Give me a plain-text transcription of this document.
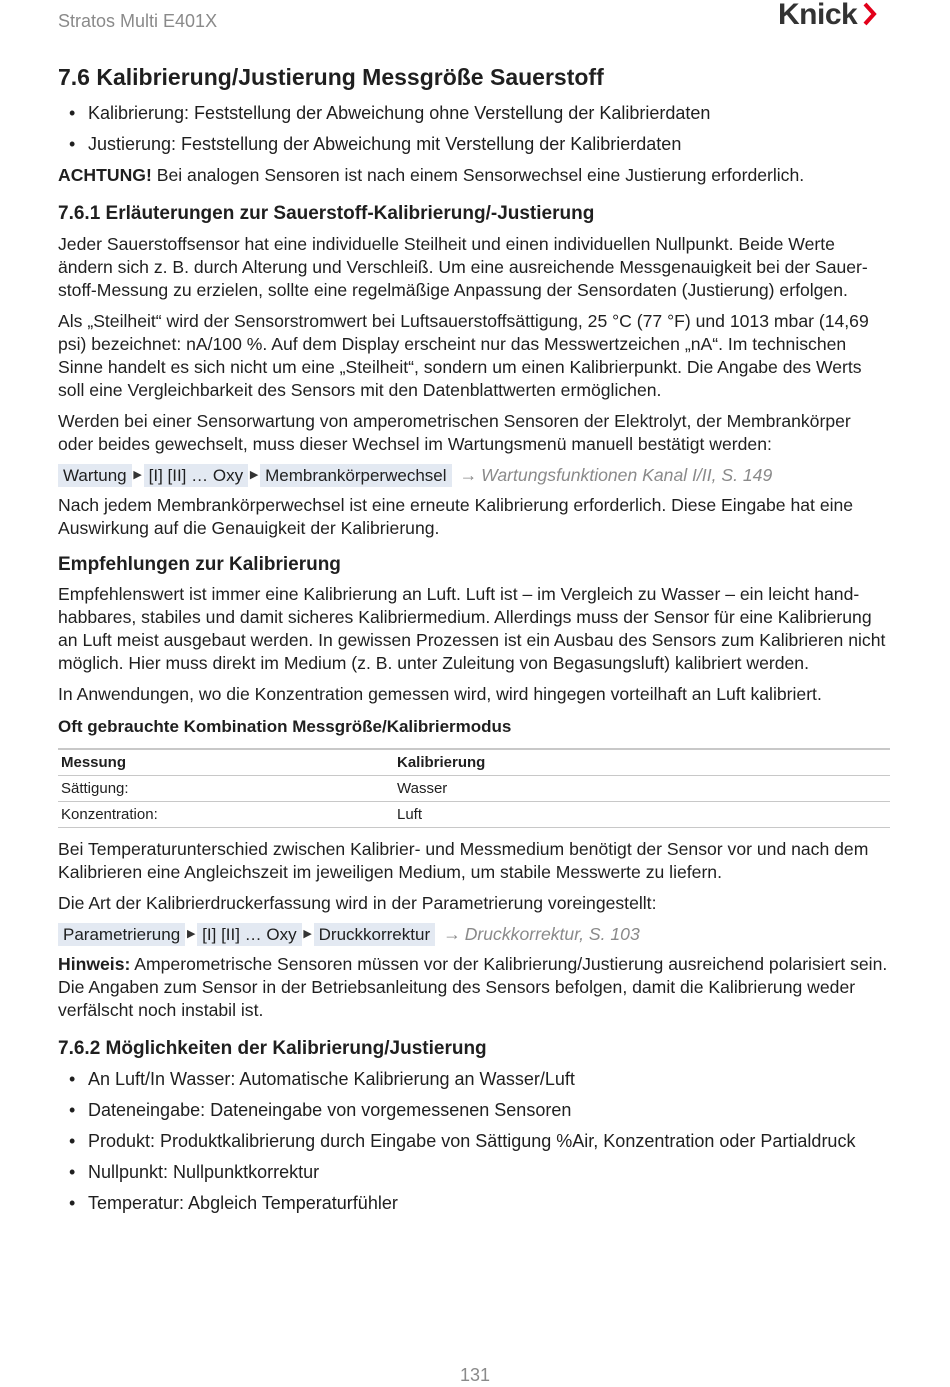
Stratos Multi E401X	Knick
7.6 Kalibrierung/Justierung Messgröße Sauerstoff
• Kalibrierung: Feststellung der Abweichung ohne Verstellung der Kalibrierdaten
• Justierung: Feststellung der Abweichung mit Verstellung der Kalibrierdaten

ACHTUNG! Bei analogen Sensoren ist nach einem Sensorwechsel eine Justierung erforderlich.

7.6.1 Erläuterungen zur Sauerstoff-Kalibrierung/-Justierung

Jeder Sauerstoffsensor hat eine individuelle Steilheit und einen individuellen Nullpunkt. Beide Werte ändern sich z. B. durch Alterung und Verschleiß. Um eine ausreichende Messgenauigkeit bei der Sauerstoff-Messung zu erzielen, sollte eine regelmäßige Anpassung der Sensordaten (Justierung) erfolgen.

Als „Steilheit“ wird der Sensorstromwert bei Luftsauerstoffsättigung, 25 °C (77 °F) und 1013 mbar (14,69 psi) bezeichnet: nA/100 %. Auf dem Display erscheint nur das Messwertzeichen „nA“. Im technischen Sinne handelt es sich nicht um eine „Steilheit“, sondern um einen Kalibrierpunkt. Die Angabe des Werts soll eine Vergleichbarkeit des Sensors mit den Datenblattwerten ermöglichen.

Werden bei einer Sensorwartung von amperometrischen Sensoren der Elektrolyt, der Membrankörper oder beides gewechselt, muss dieser Wechsel im Wartungsmenü manuell bestätigt werden:

Wartung ▶ [I] [II] … Oxy ▶ Membrankörperwechsel → Wartungsfunktionen Kanal I/II, S. 149

Nach jedem Membrankörperwechsel ist eine erneute Kalibrierung erforderlich. Diese Eingabe hat eine Auswirkung auf die Genauigkeit der Kalibrierung.

Empfehlungen zur Kalibrierung

Empfehlenswert ist immer eine Kalibrierung an Luft. Luft ist – im Vergleich zu Wasser – ein leicht handhabbares, stabiles und damit sicheres Kalibriermedium. Allerdings muss der Sensor für eine Kalibrierung an Luft meist ausgebaut werden. In gewissen Prozessen ist ein Ausbau des Sensors zum Kalibrieren nicht möglich. Hier muss direkt im Medium (z. B. unter Zuleitung von Begasungsluft) kalibriert werden.

In Anwendungen, wo die Konzentration gemessen wird, wird hingegen vorteilhaft an Luft kalibriert.

Oft gebrauchte Kombination Messgröße/Kalibriermodus
Messung	Kalibrierung
Sättigung:	Wasser
Konzentration:	Luft

Bei Temperaturunterschied zwischen Kalibrier- und Messmedium benötigt der Sensor vor und nach dem Kalibrieren eine Angleichszeit im jeweiligen Medium, um stabile Messwerte zu liefern.

Die Art der Kalibrierdruckerfassung wird in der Parametrierung voreingestellt:

Parametrierung ▶ [I] [II] … Oxy ▶ Druckkorrektur → Druckkorrektur, S. 103

Hinweis: Amperometrische Sensoren müssen vor der Kalibrierung/Justierung ausreichend polarisiert sein. Die Angaben zum Sensor in der Betriebsanleitung des Sensors befolgen, damit die Kalibrierung weder verfälscht noch instabil ist.

7.6.2 Möglichkeiten der Kalibrierung/Justierung
• An Luft/In Wasser: Automatische Kalibrierung an Wasser/Luft
• Dateneingabe: Dateneingabe von vorgemessenen Sensoren
• Produkt: Produktkalibrierung durch Eingabe von Sättigung %Air, Konzentration oder Partialdruck
• Nullpunkt: Nullpunktkorrektur
• Temperatur: Abgleich Temperaturfühler
131
